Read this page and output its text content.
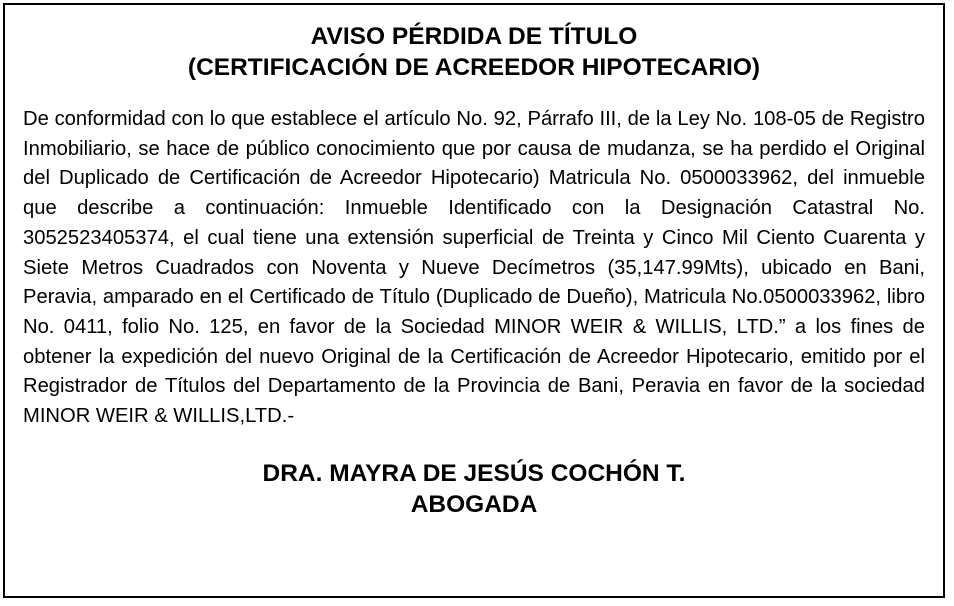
AVISO PÉRDIDA DE TÍTULO
(CERTIFICACIÓN DE ACREEDOR HIPOTECARIO)
De conformidad con lo que establece el artículo No. 92, Párrafo III, de la Ley No. 108-05 de Registro Inmobiliario, se hace de público conocimiento que por causa de mudanza, se ha perdido el Original del Duplicado de Certificación de Acreedor Hipotecario) Matricula No. 0500033962, del inmueble que describe a continuación: Inmueble Identificado con la Designación Catastral No. 3052523405374, el cual tiene una extensión superficial de Treinta y Cinco Mil Ciento Cuarenta y Siete Metros Cuadrados con Noventa y Nueve Decímetros (35,147.99Mts), ubicado en Bani, Peravia, amparado en el Certificado de Título (Duplicado de Dueño), Matricula No.0500033962, libro No. 0411, folio No. 125, en favor de la Sociedad MINOR WEIR & WILLIS, LTD.” a los fines de obtener la expedición del nuevo Original de la Certificación de Acreedor Hipotecario, emitido por el Registrador de Títulos del Departamento de la Provincia de Bani, Peravia en favor de la sociedad MINOR WEIR & WILLIS,LTD.-
DRA. MAYRA DE JESÚS COCHÓN T.
ABOGADA
